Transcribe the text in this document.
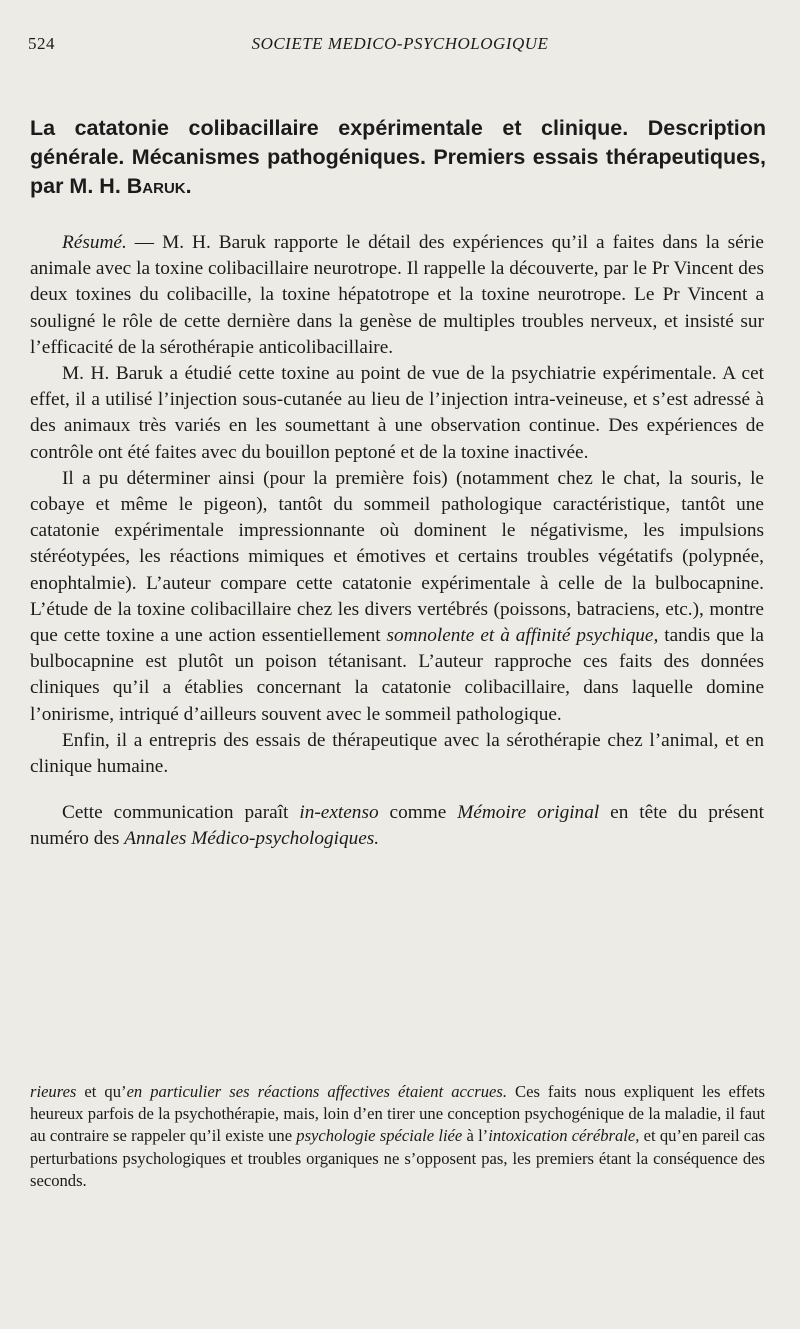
524	SOCIETE MEDICO-PSYCHOLOGIQUE
La catatonie colibacillaire expérimentale et clinique. Description générale. Mécanismes pathogéniques. Premiers essais thérapeutiques, par M. H. Baruk.

Résumé. — M. H. Baruk rapporte le détail des expériences qu’il a faites dans la série animale avec la toxine colibacillaire neurotrope. Il rappelle la découverte, par le Pr Vincent des deux toxines du colibacille, la toxine hépatotrope et la toxine neurotrope. Le Pr Vincent a souligné le rôle de cette dernière dans la genèse de multiples troubles nerveux, et insisté sur l’efficacité de la sérothérapie anticolibacillaire.

M. H. Baruk a étudié cette toxine au point de vue de la psychiatrie expérimentale. A cet effet, il a utilisé l’injection sous-cutanée au lieu de l’injection intra-veineuse, et s’est adressé à des animaux très variés en les soumettant à une observation continue. Des expériences de contrôle ont été faites avec du bouillon peptoné et de la toxine inactivée.

Il a pu déterminer ainsi (pour la première fois) (notamment chez le chat, la souris, le cobaye et même le pigeon), tantôt du sommeil pathologique caractéristique, tantôt une catatonie expérimentale impressionnante où dominent le négativisme, les impulsions stéréotypées, les réactions mimiques et émotives et certains troubles végétatifs (polypnée, enophtalmie). L’auteur compare cette catatonie expérimentale à celle de la bulbocapnine. L’étude de la toxine colibacillaire chez les divers vertébrés (poissons, batraciens, etc.), montre que cette toxine a une action essentiellement somnolente et à affinité psychique, tandis que la bulbocapnine est plutôt un poison tétanisant. L’auteur rapproche ces faits des données cliniques qu’il a établies concernant la catatonie colibacillaire, dans laquelle domine l’onirisme, intriqué d’ailleurs souvent avec le sommeil pathologique.

Enfin, il a entrepris des essais de thérapeutique avec la sérothérapie chez l’animal, et en clinique humaine.

Cette communication paraît in-extenso comme Mémoire original en tête du présent numéro des Annales Médico-psychologiques.

rieures et qu’en particulier ses réactions affectives étaient accrues. Ces faits nous expliquent les effets heureux parfois de la psychothérapie, mais, loin d’en tirer une conception psychogénique de la maladie, il faut au contraire se rappeler qu’il existe une psychologie spéciale liée à l’intoxication cérébrale, et qu’en pareil cas perturbations psychologiques et troubles organiques ne s’opposent pas, les premiers étant la conséquence des seconds.
